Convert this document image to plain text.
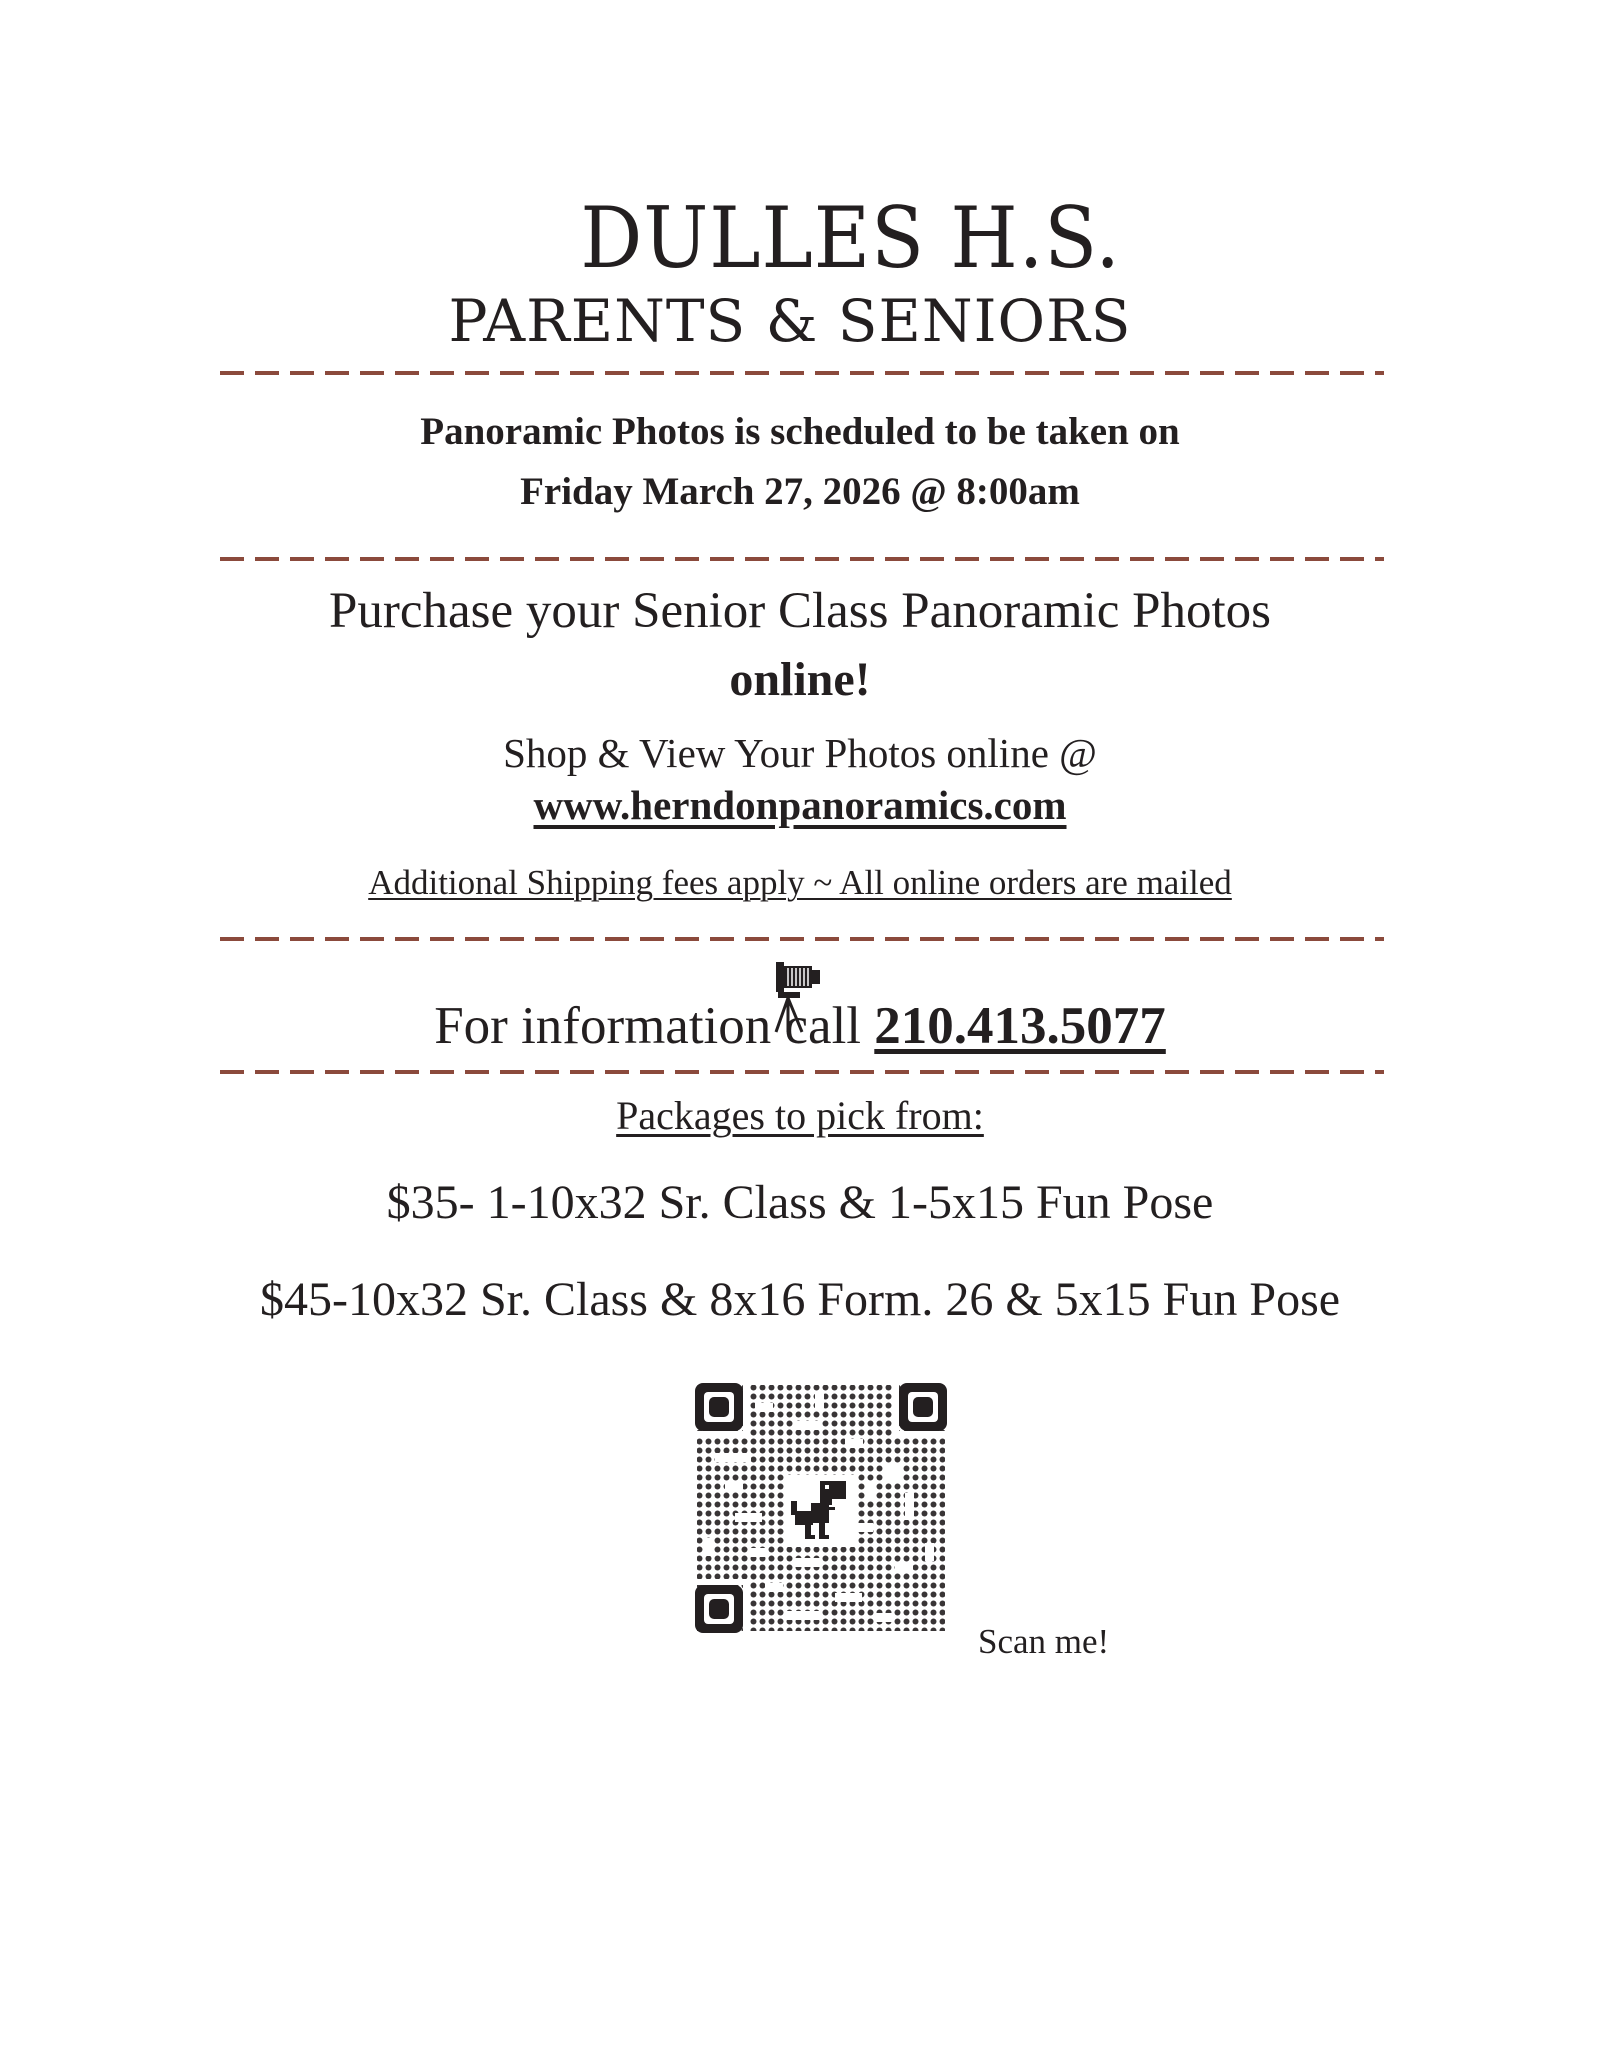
DULLES H.S.
PARENTS & SENIORS
Panoramic Photos is scheduled to be taken on
Friday March 27, 2026 @ 8:00am
Purchase your Senior Class Panoramic Photos
online!
Shop & View Your Photos online @
www.herndonpanoramics.com
Additional Shipping fees apply ~ All online orders are mailed
For information call 210.413.5077
Packages to pick from:
$35- 1-10x32 Sr. Class & 1-5x15 Fun Pose
$45-10x32 Sr. Class & 8x16 Form. 26 & 5x15 Fun Pose
Scan me!
